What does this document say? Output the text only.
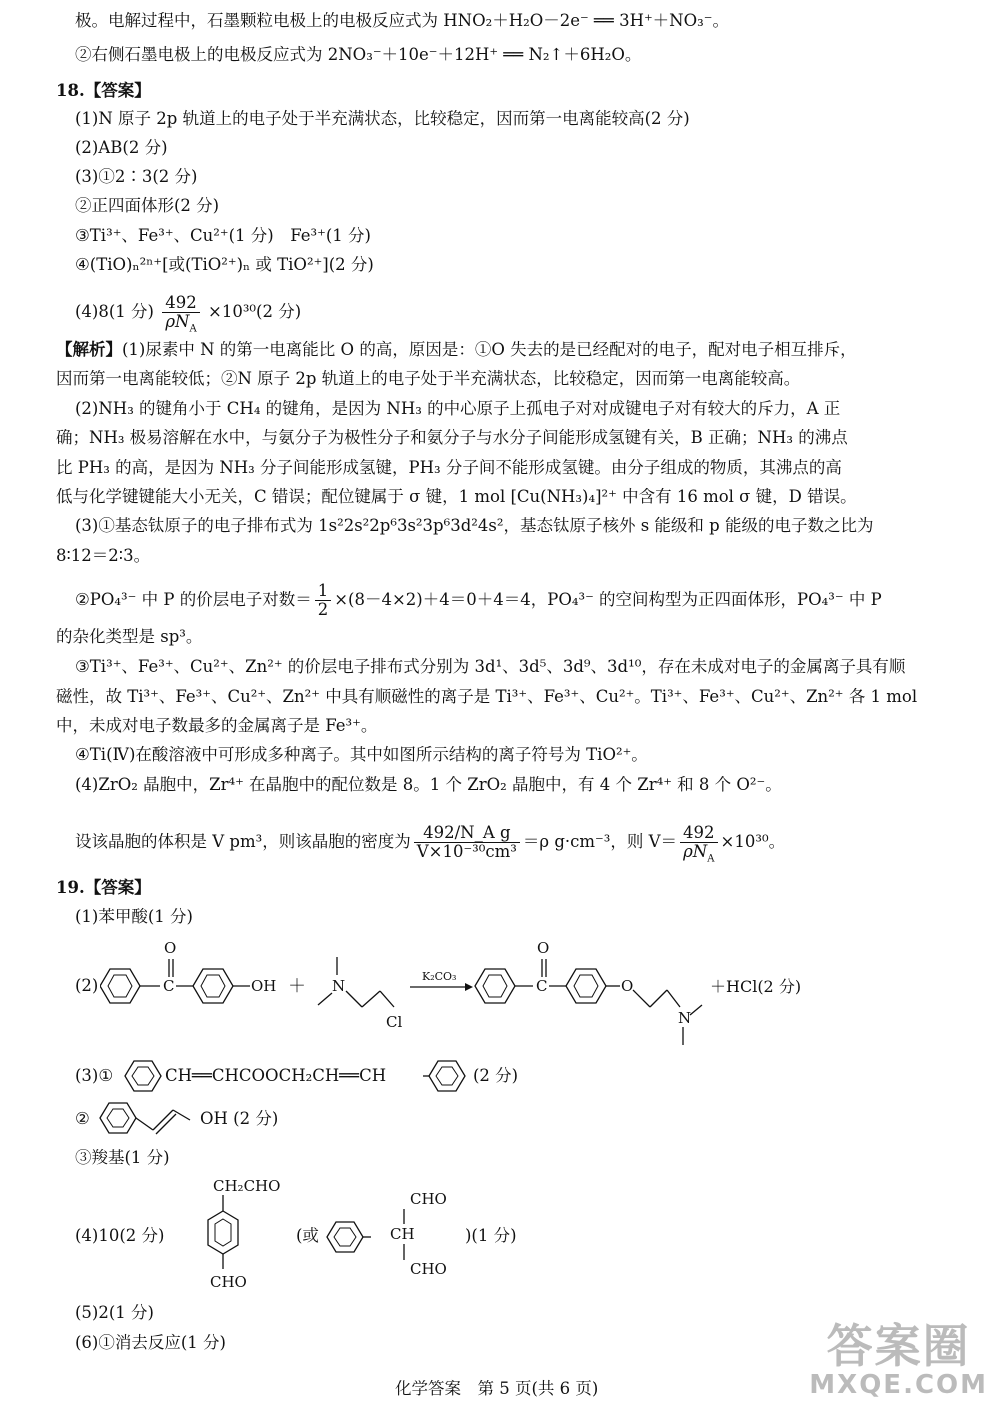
极。电解过程中，石墨颗粒电极上的电极反应式为 HNO₂＋H₂O－2e⁻ ══ 3H⁺＋NO₃⁻。
②右侧石墨电极上的电极反应式为 2NO₃⁻＋10e⁻＋12H⁺ ══ N₂↑＋6H₂O。
18.【答案】
(1)N 原子 2p 轨道上的电子处于半充满状态，比较稳定，因而第一电离能较高(2 分)
(2)AB(2 分)
(3)①2∶3(2 分)
②正四面体形(2 分)
③Ti³⁺、Fe³⁺、Cu²⁺(1 分)　Fe³⁺(1 分)
④(TiO)ₙ²ⁿ⁺[或(TiO²⁺)ₙ 或 TiO²⁺](2 分)
(4)8(1 分) $\frac{492}{\rho N_A} \times 10^{30}(2$ 分)
【解析】(1)尿素中 N 的第一电离能比 O 的高，原因是：①O 失去的是已经配对的电子，配对电子相互排斥，
因而第一电离能较低；②N 原子 2p 轨道上的电子处于半充满状态，比较稳定，因而第一电离能较高。
(2)NH₃ 的键角小于 CH₄ 的键角，是因为 NH₃ 的中心原子上孤电子对对成键电子对有较大的斥力，A 正
确；NH₃ 极易溶解在水中，与氨分子为极性分子和氨分子与水分子间能形成氢键有关，B 正确；NH₃ 的沸点
比 PH₃ 的高，是因为 NH₃ 分子间能形成氢键，PH₃ 分子间不能形成氢键。由分子组成的物质，其沸点的高
低与化学键键能大小无关，C 错误；配位键属于 σ 键，1 mol [Cu(NH₃)₄]²⁺ 中含有 16 mol σ 键，D 错误。
(3)①基态钛原子的电子排布式为 1s²2s²2p⁶3s²3p⁶3d²4s²，基态钛原子核外 s 能级和 p 能级的电子数之比为
8∶12＝2∶3。
②PO₄³⁻ 中 P 的价层电子对数＝ $\frac{1}{2} \times(8-4\times 2)+4=0+4=4$，PO₄³⁻ 的空间构型为正四面体形，PO₄³⁻ 中 P
的杂化类型是 sp³。
③Ti³⁺、Fe³⁺、Cu²⁺、Zn²⁺ 的价层电子排布式分别为 3d¹、3d⁵、3d⁹、3d¹⁰，存在未成对电子的金属离子具有顺
磁性，故 Ti³⁺、Fe³⁺、Cu²⁺、Zn²⁺ 中具有顺磁性的离子是 Ti³⁺、Fe³⁺、Cu²⁺。Ti³⁺、Fe³⁺、Cu²⁺、Zn²⁺ 各 1 mol
中，未成对电子数最多的金属离子是 Fe³⁺。
④Ti(Ⅳ)在酸溶液中可形成多种离子。其中如图所示结构的离子符号为 TiO²⁺。
(4)ZrO₂ 晶胞中，Zr⁴⁺ 在晶胞中的配位数是 8。1 个 ZrO₂ 晶胞中，有 4 个 Zr⁴⁺ 和 8 个 O²⁻。
设该晶胞的体积是 V pm³，则该晶胞的密度为 $\frac{\text{492/N\_A g}}{\text{V×10⁻³⁰cm³}} =\rho$ g·cm⁻³，则 $V= \frac{492}{\rho N_A} \times 10^{30}$。
19.【答案】
(1)苯甲酸(1 分)
(2)	C
O
OH ＋ N
Cl
K₂CO₃
C
O
O
N
＋HCl(2 分)
(3)①	CH══CHCOOCH₂CH══CH	(2 分)
②	OH (2 分)
③羧基(1 分)
(4)10(2 分)
CH₂CHO
CHO
(或
CHO
CH
CHO
)(1 分)
(5)2(1 分)
(6)①消去反应(1 分)
化学答案　第 5 页(共 6 页)
答案圈
MXQE.COM
